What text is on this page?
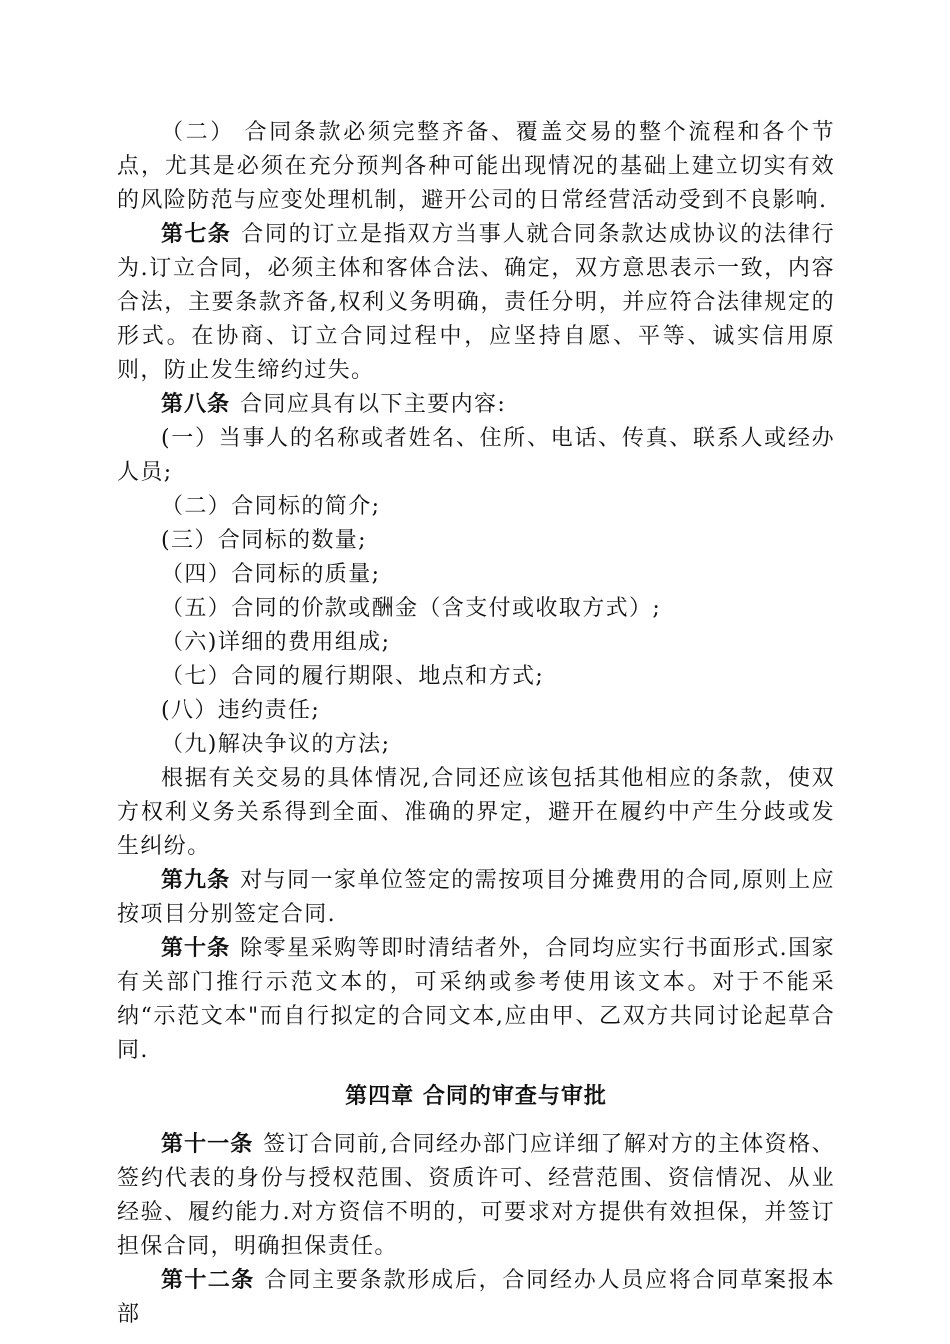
（二） 合同条款必须完整齐备、覆盖交易的整个流程和各个节点，尤其是必须在充分预判各种可能出现情况的基础上建立切实有效的风险防范与应变处理机制，避开公司的日常经营活动受到不良影响.

第七条 合同的订立是指双方当事人就合同条款达成协议的法律行为.订立合同，必须主体和客体合法、确定，双方意思表示一致，内容合法，主要条款齐备,权利义务明确，责任分明，并应符合法律规定的形式。在协商、订立合同过程中，应坚持自愿、平等、诚实信用原则，防止发生缔约过失。

第八条 合同应具有以下主要内容:

(一）当事人的名称或者姓名、住所、电话、传真、联系人或经办人员;

（二）合同标的简介;

(三）合同标的数量;

（四）合同标的质量;

（五）合同的价款或酬金（含支付或收取方式）;

（六)详细的费用组成;

（七）合同的履行期限、地点和方式;

(八）违约责任;

（九)解决争议的方法;

根据有关交易的具体情况,合同还应该包括其他相应的条款，使双方权利义务关系得到全面、准确的界定，避开在履约中产生分歧或发生纠纷。

第九条 对与同一家单位签定的需按项目分摊费用的合同,原则上应按项目分别签定合同.

第十条 除零星采购等即时清结者外，合同均应实行书面形式.国家有关部门推行示范文本的，可采纳或参考使用该文本。对于不能采纳“示范文本"而自行拟定的合同文本,应由甲、乙双方共同讨论起草合同.

第四章 合同的审查与审批

第十一条 签订合同前,合同经办部门应详细了解对方的主体资格、签约代表的身份与授权范围、资质许可、经营范围、资信情况、从业经验、履约能力.对方资信不明的，可要求对方提供有效担保，并签订担保合同，明确担保责任。

第十二条 合同主要条款形成后，合同经办人员应将合同草案报本部
